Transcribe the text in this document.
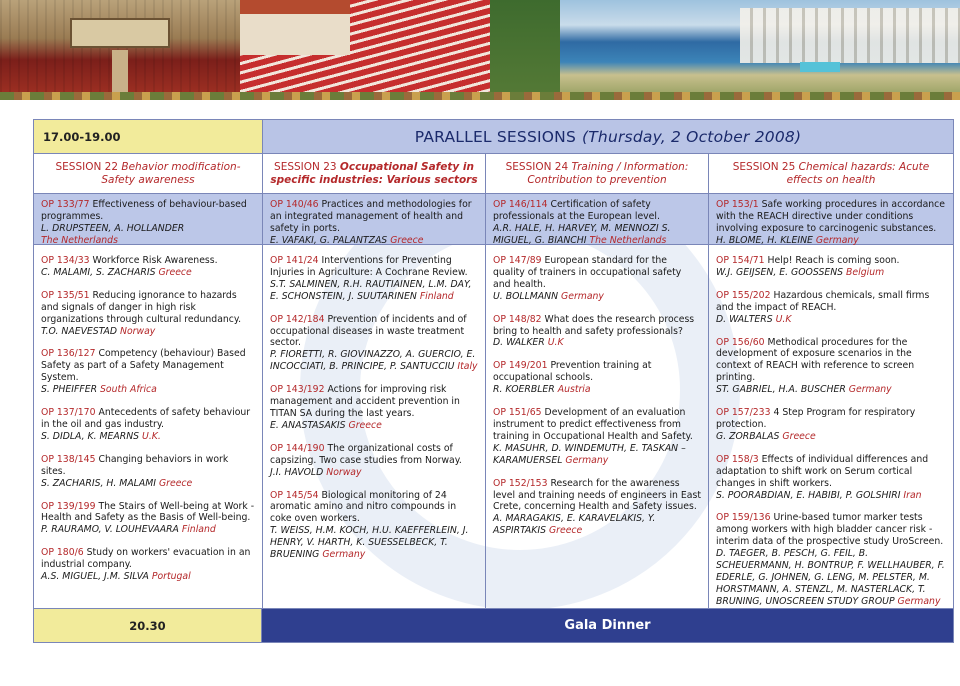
17.00-19.00	PARALLEL SESSIONS (Thursday, 2 October 2008)
SESSION 22 Behavior modification-Safety awareness
SESSION 23 Occupational Safety in specific industries: Various sectors
SESSION 24 Training / Information: Contribution to prevention
SESSION 25 Chemical hazards: Acute effects on health
OP 133/77 Effectiveness of behaviour-based programmes.
L. DRUPSTEEN, A. HOLLANDER
The Netherlands
OP 140/46 Practices and methodologies for an integrated management of health and safety in ports.
E. VAFAKI, G. PALANTZAS Greece
OP 146/114 Certification of safety professionals at the European level.
A.R. HALE, H. HARVEY, M. MENNOZI S. MIGUEL, G. BIANCHI The Netherlands
OP 153/1 Safe working procedures in accordance with the REACH directive under conditions involving exposure to carcinogenic substances.
H. BLOME, H. KLEINE Germany
OP 134/33 Workforce Risk Awareness.
C. MALAMI, S. ZACHARIS Greece
OP 135/51 Reducing ignorance to hazards and signals of danger in high risk organizations through cultural redundancy.
T.O. NAEVESTAD Norway
OP 136/127 Competency (behaviour) Based Safety as part of a Safety Management System.
S. PHEIFFER South Africa
OP 137/170 Antecedents of safety behaviour in the oil and gas industry.
S. DIDLA, K. MEARNS U.K.
OP 138/145 Changing behaviors in work sites.
S. ZACHARIS, H. MALAMI Greece
OP 139/199 The Stairs of Well-being at Work -Health and Safety as the Basis of Well-being.
P. RAURAMO, V. LOUHEVAARA Finland
OP 180/6 Study on workers' evacuation in an industrial company.
A.S. MIGUEL, J.M. SILVA Portugal
OP 141/24 Interventions for Preventing Injuries in Agriculture: A Cochrane Review.
S.T. SALMINEN, R.H. RAUTIAINEN, L.M. DAY, E. SCHONSTEIN, J. SUUTARINEN Finland
OP 142/184 Prevention of incidents and of occupational diseases in waste treatment sector.
P. FIORETTI, R. GIOVINAZZO, A. GUERCIO, E. INCOCCIATI, B. PRINCIPE, P. SANTUCCIU Italy
OP 143/192 Actions for improving risk management and accident prevention in TITAN SA during the last years.
E. ANASTASAKIS Greece
OP 144/190 The organizational costs of capsizing. Two case studies from Norway.
J.I. HAVOLD Norway
OP 145/54 Biological monitoring of 24 aromatic amino and nitro compounds in coke oven workers.
T. WEISS, H.M. KOCH, H.U. KAEFFERLEIN, J. HENRY, V. HARTH, K. SUESSELBECK, T. BRUENING Germany
OP 147/89 European standard for the quality of trainers in occupational safety and health.
U. BOLLMANN Germany
OP 148/82 What does the research process bring to health and safety professionals?
D. WALKER U.K
OP 149/201 Prevention training at occupational schools.
R. KOERBLER Austria
OP 151/65 Development of an evaluation instrument to predict effectiveness from training in Occupational Health and Safety.
K. MASUHR, D. WINDEMUTH, E. TASKAN – KARAMUERSEL Germany
OP 152/153 Research for the awareness level and training needs of engineers in East Crete, concerning Health and Safety issues.
A. MARAGAKIS, E. KARAVELAKIS, Y. ASPIRTAKIS Greece
OP 154/71 Help! Reach is coming soon.
W.J. GEIJSEN, E. GOOSSENS Belgium
OP 155/202 Hazardous chemicals, small firms and the impact of REACH.
D. WALTERS U.K
OP 156/60 Methodical procedures for the development of exposure scenarios in the context of REACH with reference to screen printing.
ST. GABRIEL, H.A. BUSCHER Germany
OP 157/233 4 Step Program for respiratory protection.
G. ZORBALAS Greece
OP 158/3 Effects of individual differences and adaptation to shift work on Serum cortical changes in shift workers.
S. POORABDIAN, E. HABIBI, P. GOLSHIRI Iran
OP 159/136 Urine-based tumor marker tests among workers with high bladder cancer risk - interim data of the prospective study UroScreen.
D. TAEGER, B. PESCH, G. FEIL, B. SCHEUERMANN, H. BONTRUP, F. WELLHAUBER, F. EDERLE, G. JOHNEN, G. LENG, M. PELSTER, M. HORSTMANN, A. STENZL, M. NASTERLACK, T. BRUNING, UNOSCREEN STUDY GROUP Germany
20.30	Gala Dinner
